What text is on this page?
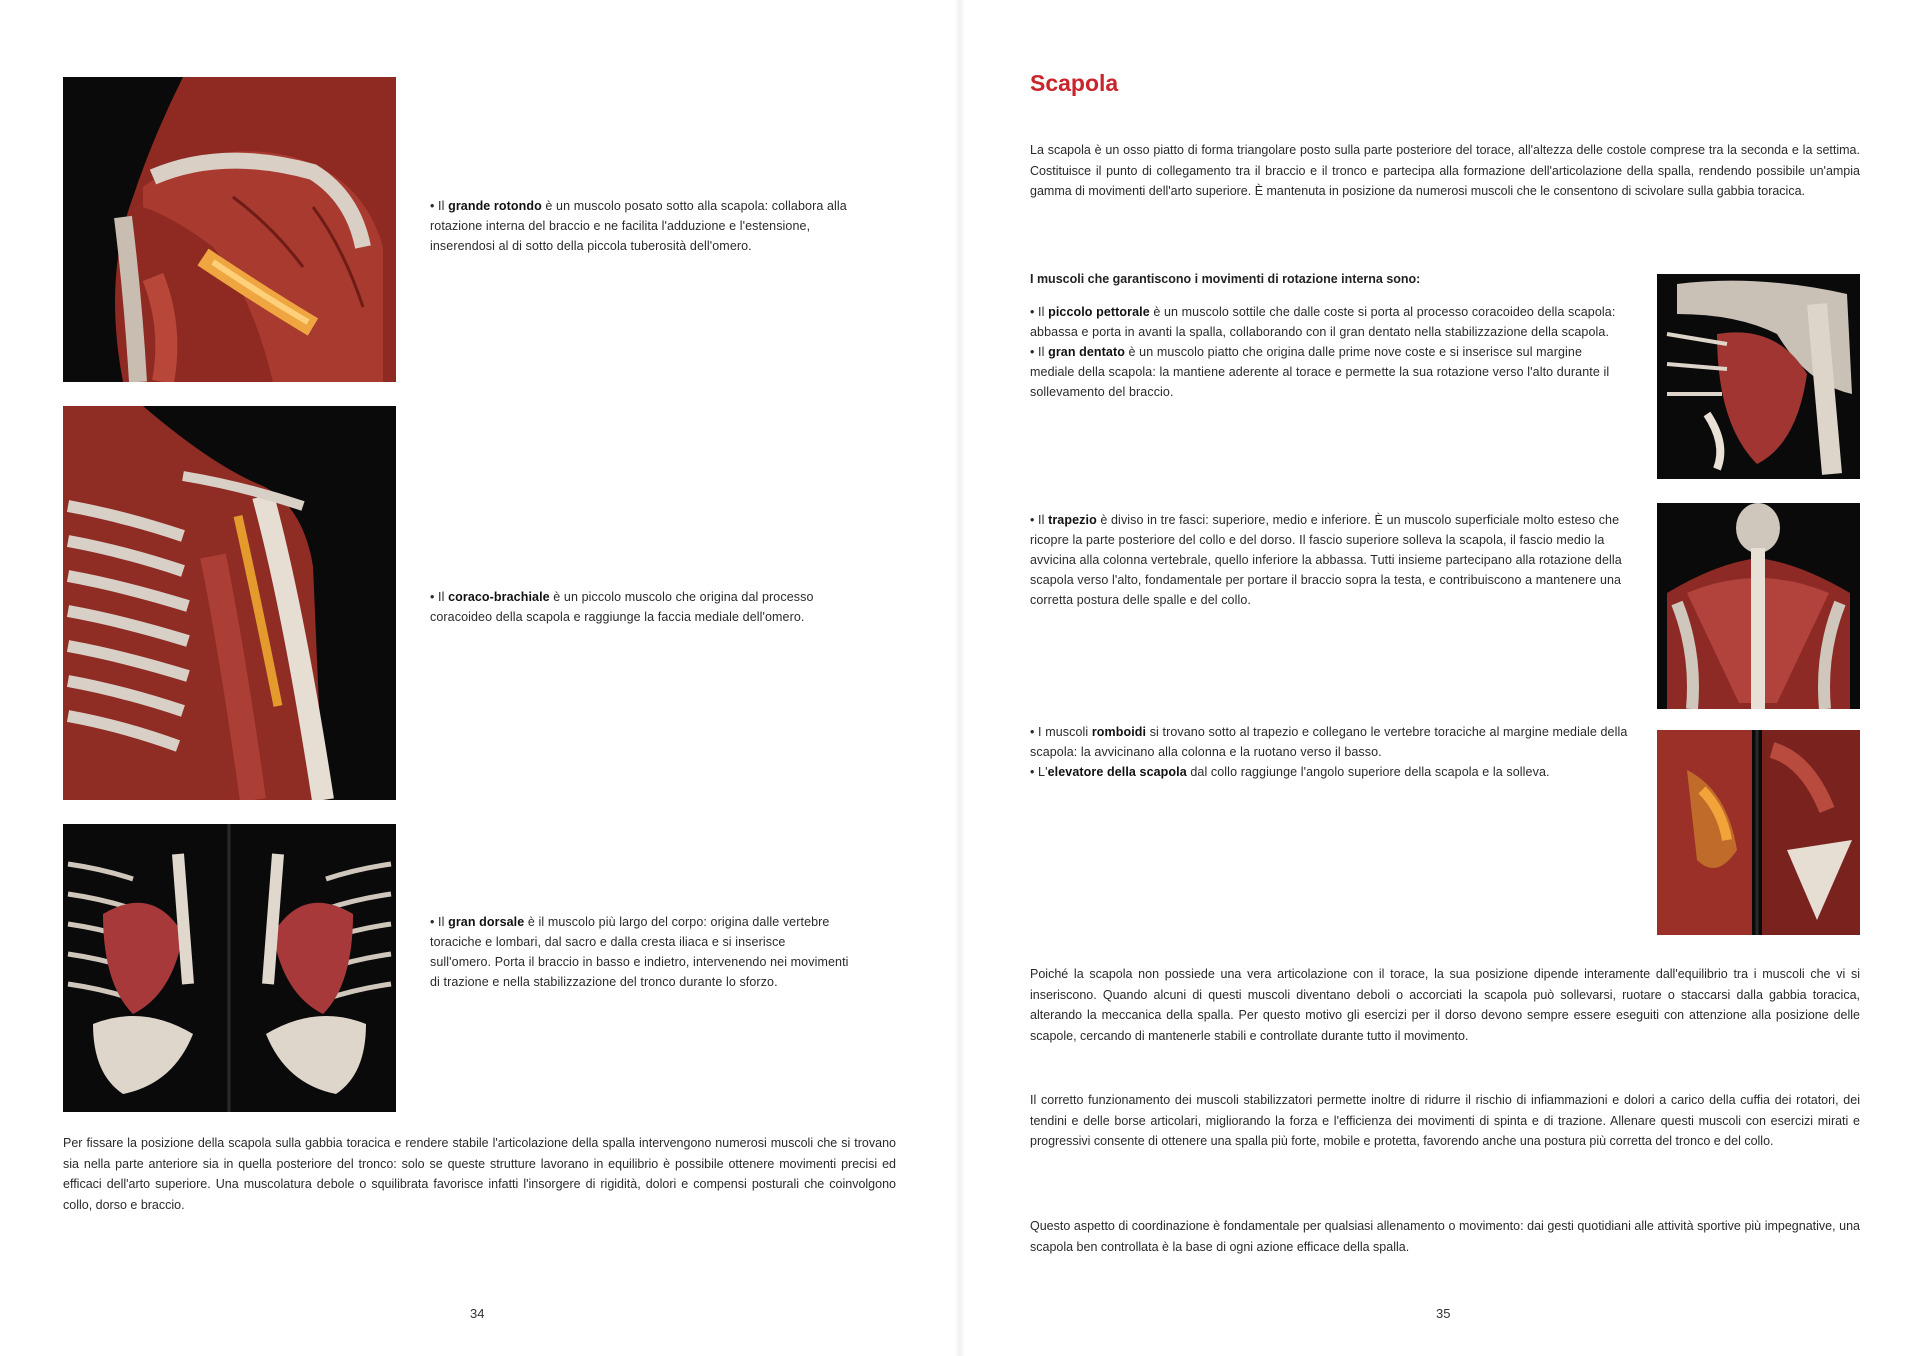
• Il grande rotondo è un muscolo posato sotto alla scapola: collabora alla rotazione interna del braccio e ne facilita l'adduzione e l'estensione, inserendosi al di sotto della piccola tuberosità dell'omero.
• Il coraco-brachiale è un piccolo muscolo che origina dal processo coracoideo della scapola e raggiunge la faccia mediale dell'omero.
• Il gran dorsale è il muscolo più largo del corpo: origina dalle vertebre toraciche e lombari, dal sacro e dalla cresta iliaca e si inserisce sull'omero. Porta il braccio in basso e indietro, intervenendo nei movimenti di trazione e nella stabilizzazione del tronco durante lo sforzo.

Per fissare la posizione della scapola sulla gabbia toracica e rendere stabile l'articolazione della spalla intervengono numerosi muscoli che si trovano sia nella parte anteriore sia in quella posteriore del tronco: solo se queste strutture lavorano in equilibrio è possibile ottenere movimenti precisi ed efficaci dell'arto superiore. Una muscolatura debole o squilibrata favorisce infatti l'insorgere di rigidità, dolori e compensi posturali che coinvolgono collo, dorso e braccio.

34
Scapola

La scapola è un osso piatto di forma triangolare posto sulla parte posteriore del torace, all'altezza delle costole comprese tra la seconda e la settima. Costituisce il punto di collegamento tra il braccio e il tronco e partecipa alla formazione dell'articolazione della spalla, rendendo possibile un'ampia gamma di movimenti dell'arto superiore. È mantenuta in posizione da numerosi muscoli che le consentono di scivolare sulla gabbia toracica.

I muscoli che garantiscono i movimenti di rotazione interna sono:
• Il piccolo pettorale è un muscolo sottile che dalle coste si porta al processo coracoideo della scapola: abbassa e porta in avanti la spalla, collaborando con il gran dentato nella stabilizzazione della scapola.
• Il gran dentato è un muscolo piatto che origina dalle prime nove coste e si inserisce sul margine mediale della scapola: la mantiene aderente al torace e permette la sua rotazione verso l'alto durante il sollevamento del braccio.
• Il trapezio è diviso in tre fasci: superiore, medio e inferiore. È un muscolo superficiale molto esteso che ricopre la parte posteriore del collo e del dorso. Il fascio superiore solleva la scapola, il fascio medio la avvicina alla colonna vertebrale, quello inferiore la abbassa. Tutti insieme partecipano alla rotazione della scapola verso l'alto, fondamentale per portare il braccio sopra la testa, e contribuiscono a mantenere una corretta postura delle spalle e del collo.
• I muscoli romboidi si trovano sotto al trapezio e collegano le vertebre toraciche al margine mediale della scapola: la avvicinano alla colonna e la ruotano verso il basso.
• L'elevatore della scapola dal collo raggiunge l'angolo superiore della scapola e la solleva.

Poiché la scapola non possiede una vera articolazione con il torace, la sua posizione dipende interamente dall'equilibrio tra i muscoli che vi si inseriscono. Quando alcuni di questi muscoli diventano deboli o accorciati la scapola può sollevarsi, ruotare o staccarsi dalla gabbia toracica, alterando la meccanica della spalla. Per questo motivo gli esercizi per il dorso devono sempre essere eseguiti con attenzione alla posizione delle scapole, cercando di mantenerle stabili e controllate durante tutto il movimento.

Il corretto funzionamento dei muscoli stabilizzatori permette inoltre di ridurre il rischio di infiammazioni e dolori a carico della cuffia dei rotatori, dei tendini e delle borse articolari, migliorando la forza e l'efficienza dei movimenti di spinta e di trazione. Allenare questi muscoli con esercizi mirati e progressivi consente di ottenere una spalla più forte, mobile e protetta, favorendo anche una postura più corretta del tronco e del collo.

Questo aspetto di coordinazione è fondamentale per qualsiasi allenamento o movimento: dai gesti quotidiani alle attività sportive più impegnative, una scapola ben controllata è la base di ogni azione efficace della spalla.

35
